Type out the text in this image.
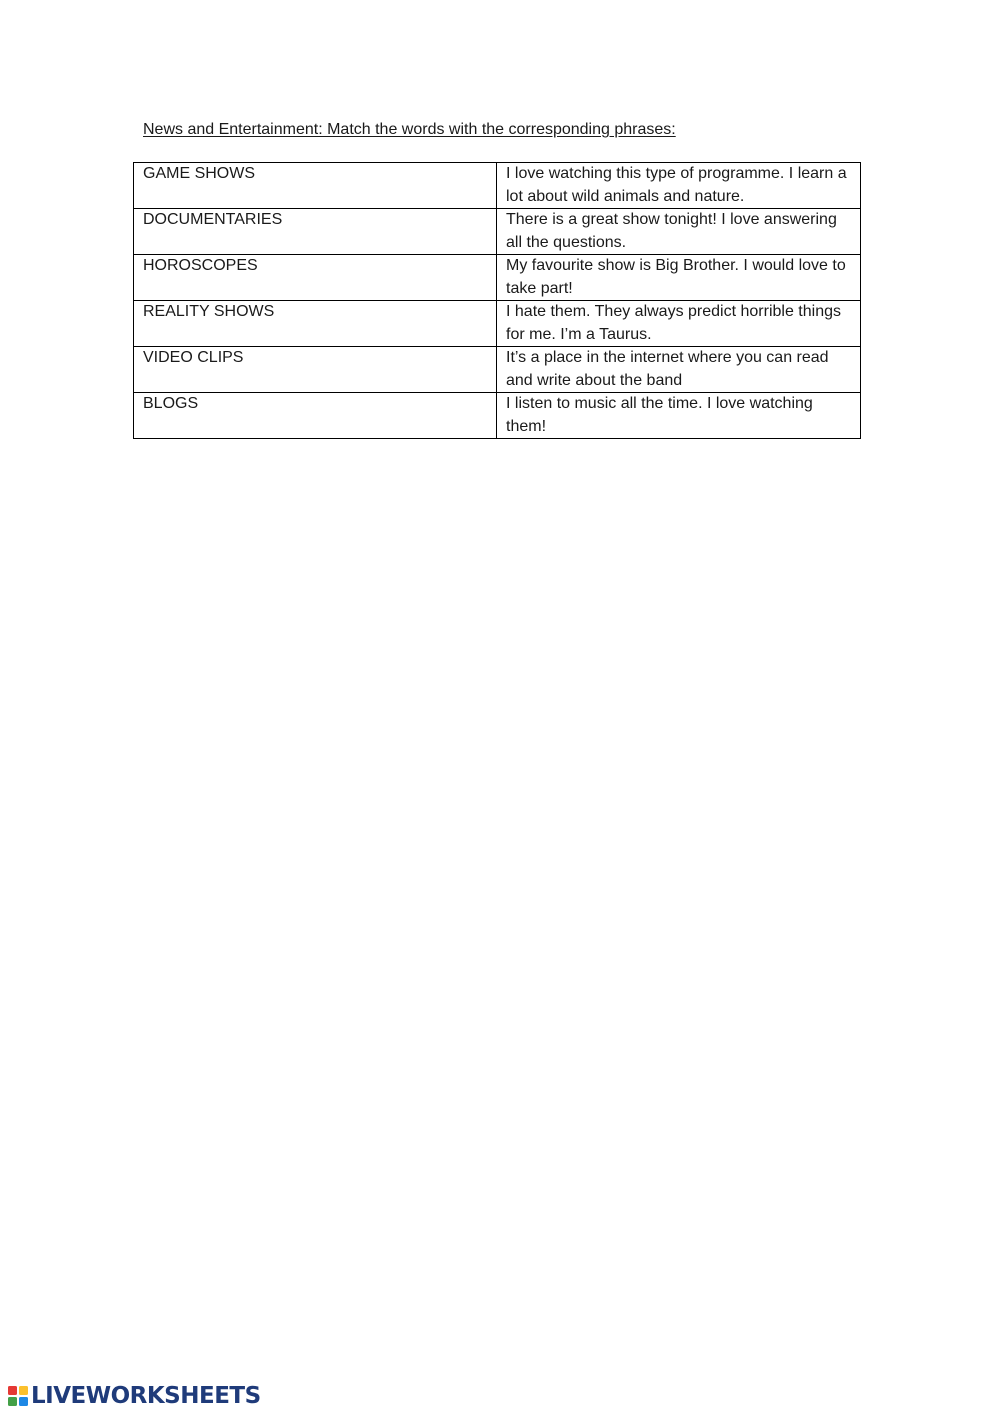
News and Entertainment: Match the words with the corresponding phrases:
GAME SHOWS	I love watching this type of programme. I learn a lot about wild animals and nature.
DOCUMENTARIES	There is a great show tonight! I love answering all the questions.
HOROSCOPES	My favourite show is Big Brother. I would love to take part!
REALITY SHOWS	I hate them. They always predict horrible things for me. I’m a Taurus.
VIDEO CLIPS	It’s a place in the internet where you can read and write about the band
BLOGS	I listen to music all the time. I love watching them!
LIVEWORKSHEETS
